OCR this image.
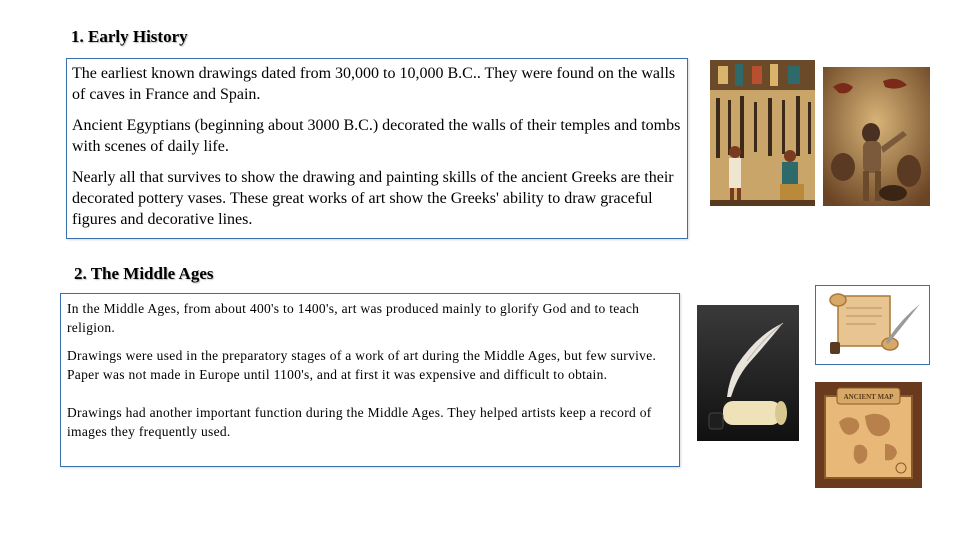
1. Early History

The earliest known drawings dated from 30,000 to 10,000 B.C.. They were found on the walls of caves in France and Spain.

Ancient Egyptians (beginning about 3000 B.C.) decorated the walls of their temples and tombs with scenes of daily life.

Nearly all that survives to show the drawing and painting skills of the ancient Greeks are their decorated pottery vases. These great works of art show the Greeks' ability to draw graceful figures and decorative lines.

2. The Middle Ages

In the Middle Ages, from about 400's to 1400's, art was produced mainly to glorify God and to teach religion.

Drawings were used in the preparatory stages of a work of art during the Middle Ages, but few survive. Paper was not made in Europe until 1100's, and at first it was expensive and difficult to obtain.

Drawings had another important function during the Middle Ages. They helped artists keep a record of images they frequently used.

ANCIENT MAP
